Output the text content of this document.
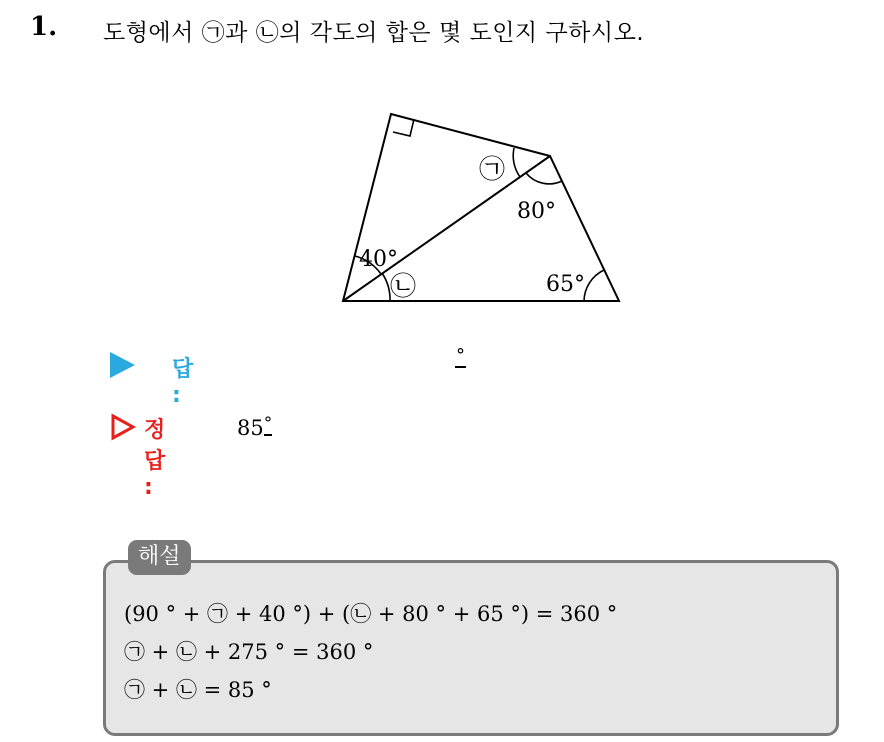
1. 도형에서 ㉠과 ㉡의 각도의 합은 몇 도인지 구하시오.
㉠
80°
40°
㉡	65°
답 :
°
정답 :
85°
해설
(90 ° + ㉠ + 40 °) + (㉡ + 80 ° + 65 °) = 360 °
㉠ + ㉡ + 275 ° = 360 °
㉠ + ㉡ = 85 °
